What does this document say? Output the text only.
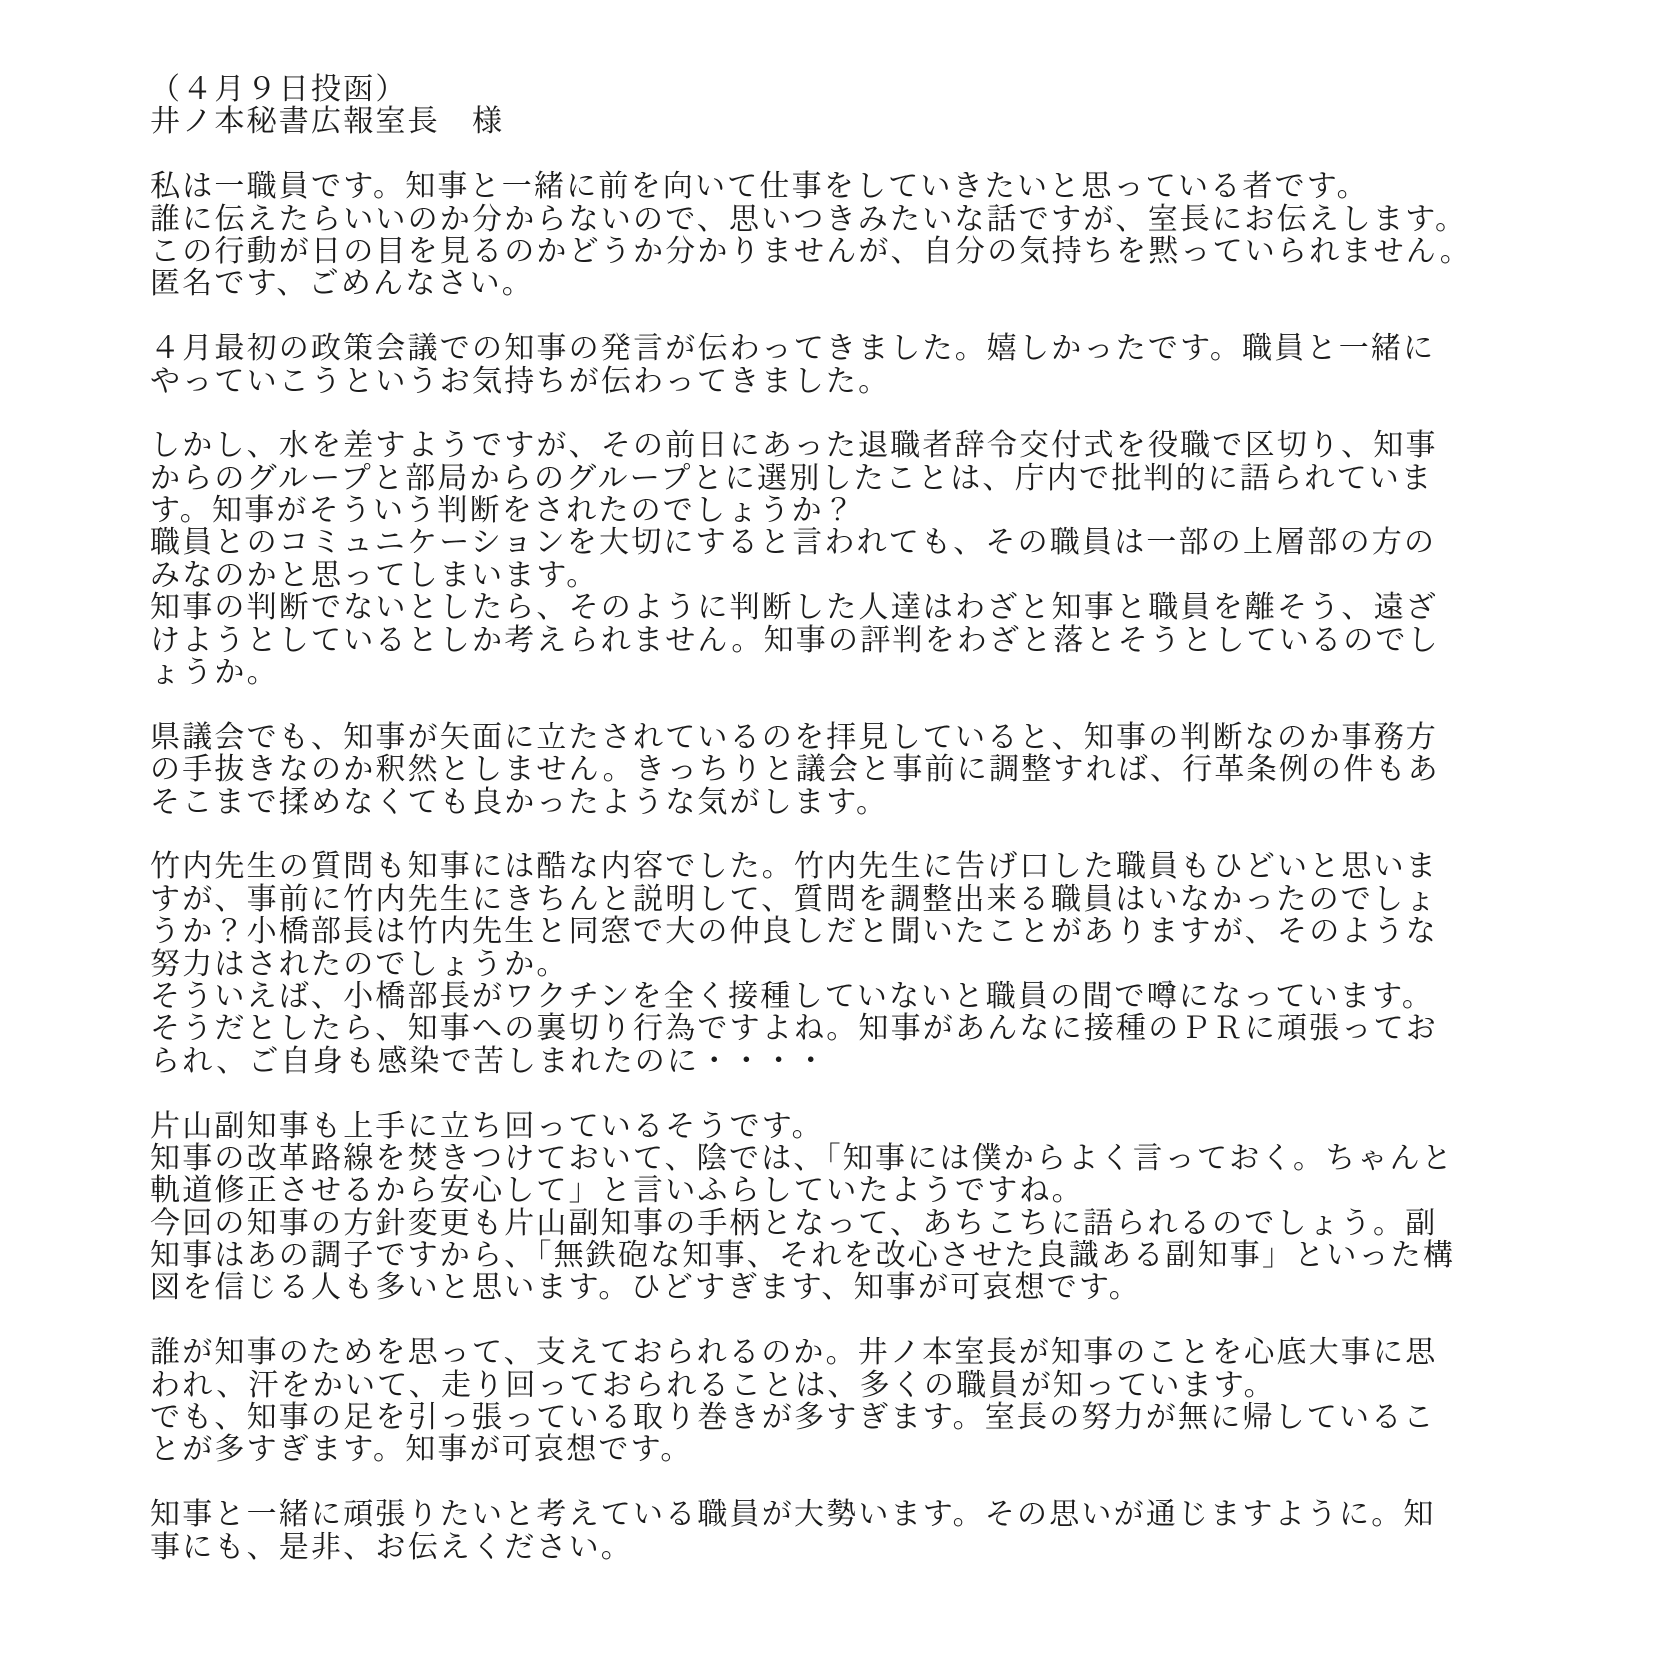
（４月９日投函）
井ノ本秘書広報室長　様
私は一職員です。知事と一緒に前を向いて仕事をしていきたいと思っている者です。
誰に伝えたらいいのか分からないので、思いつきみたいな話ですが、室長にお伝えします。
この行動が日の目を見るのかどうか分かりませんが、自分の気持ちを黙っていられません。
匿名です、ごめんなさい。
４月最初の政策会議での知事の発言が伝わってきました。嬉しかったです。職員と一緒に
やっていこうというお気持ちが伝わってきました。
しかし、水を差すようですが、その前日にあった退職者辞令交付式を役職で区切り、知事
からのグループと部局からのグループとに選別したことは、庁内で批判的に語られていま
す。知事がそういう判断をされたのでしょうか？
職員とのコミュニケーションを大切にすると言われても、その職員は一部の上層部の方の
みなのかと思ってしまいます。
知事の判断でないとしたら、そのように判断した人達はわざと知事と職員を離そう、遠ざ
けようとしているとしか考えられません。知事の評判をわざと落とそうとしているのでし
ょうか。
県議会でも、知事が矢面に立たされているのを拝見していると、知事の判断なのか事務方
の手抜きなのか釈然としません。きっちりと議会と事前に調整すれば、行革条例の件もあ
そこまで揉めなくても良かったような気がします。
竹内先生の質問も知事には酷な内容でした。竹内先生に告げ口した職員もひどいと思いま
すが、事前に竹内先生にきちんと説明して、質問を調整出来る職員はいなかったのでしょ
うか？小橋部長は竹内先生と同窓で大の仲良しだと聞いたことがありますが、そのような
努力はされたのでしょうか。
そういえば、小橋部長がワクチンを全く接種していないと職員の間で噂になっています。
そうだとしたら、知事への裏切り行為ですよね。知事があんなに接種のＰＲに頑張ってお
られ、ご自身も感染で苦しまれたのに・・・・
片山副知事も上手に立ち回っているそうです。
知事の改革路線を焚きつけておいて、陰では、「知事には僕からよく言っておく。ちゃんと
軌道修正させるから安心して」と言いふらしていたようですね。
今回の知事の方針変更も片山副知事の手柄となって、あちこちに語られるのでしょう。副
知事はあの調子ですから、「無鉄砲な知事、それを改心させた良識ある副知事」といった構
図を信じる人も多いと思います。ひどすぎます、知事が可哀想です。
誰が知事のためを思って、支えておられるのか。井ノ本室長が知事のことを心底大事に思
われ、汗をかいて、走り回っておられることは、多くの職員が知っています。
でも、知事の足を引っ張っている取り巻きが多すぎます。室長の努力が無に帰しているこ
とが多すぎます。知事が可哀想です。
知事と一緒に頑張りたいと考えている職員が大勢います。その思いが通じますように。知
事にも、是非、お伝えください。
